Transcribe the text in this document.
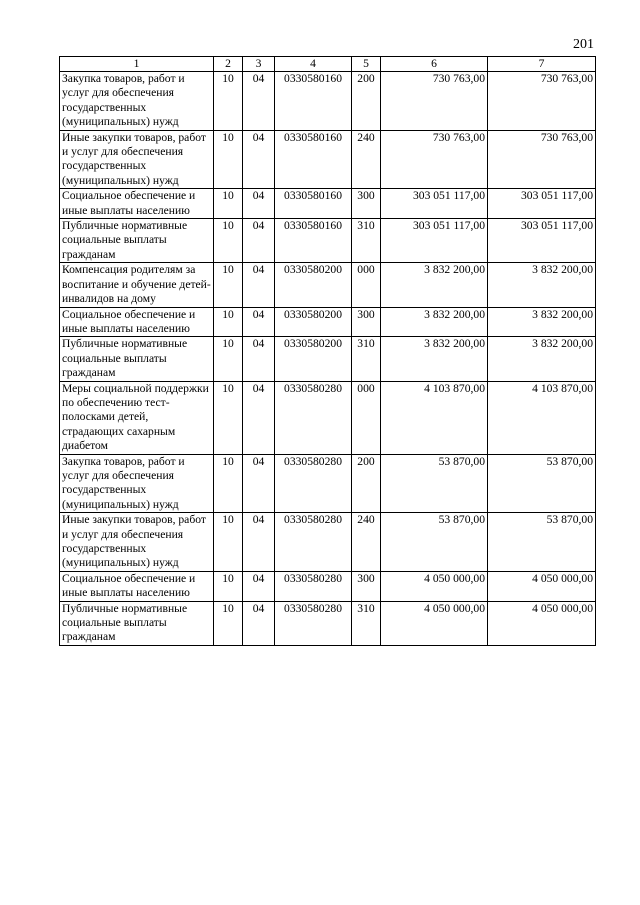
201
1	2	3	4	5	6	7
Закупка товаров, работ и услуг для обеспечения государственных (муниципальных) нужд	10	04	0330580160	200	730 763,00	730 763,00
Иные закупки товаров, работ и услуг для обеспечения государственных (муниципальных) нужд	10	04	0330580160	240	730 763,00	730 763,00
Социальное обеспечение и иные выплаты населению	10	04	0330580160	300	303 051 117,00	303 051 117,00
Публичные нормативные социальные выплаты гражданам	10	04	0330580160	310	303 051 117,00	303 051 117,00
Компенсация родителям за воспитание и обучение детей-инвалидов на дому	10	04	0330580200	000	3 832 200,00	3 832 200,00
Социальное обеспечение и иные выплаты населению	10	04	0330580200	300	3 832 200,00	3 832 200,00
Публичные нормативные социальные выплаты гражданам	10	04	0330580200	310	3 832 200,00	3 832 200,00
Меры социальной поддержки по обеспечению тест-полосками детей, страдающих сахарным диабетом	10	04	0330580280	000	4 103 870,00	4 103 870,00
Закупка товаров, работ и услуг для обеспечения государственных (муниципальных) нужд	10	04	0330580280	200	53 870,00	53 870,00
Иные закупки товаров, работ и услуг для обеспечения государственных (муниципальных) нужд	10	04	0330580280	240	53 870,00	53 870,00
Социальное обеспечение и иные выплаты населению	10	04	0330580280	300	4 050 000,00	4 050 000,00
Публичные нормативные социальные выплаты гражданам	10	04	0330580280	310	4 050 000,00	4 050 000,00
